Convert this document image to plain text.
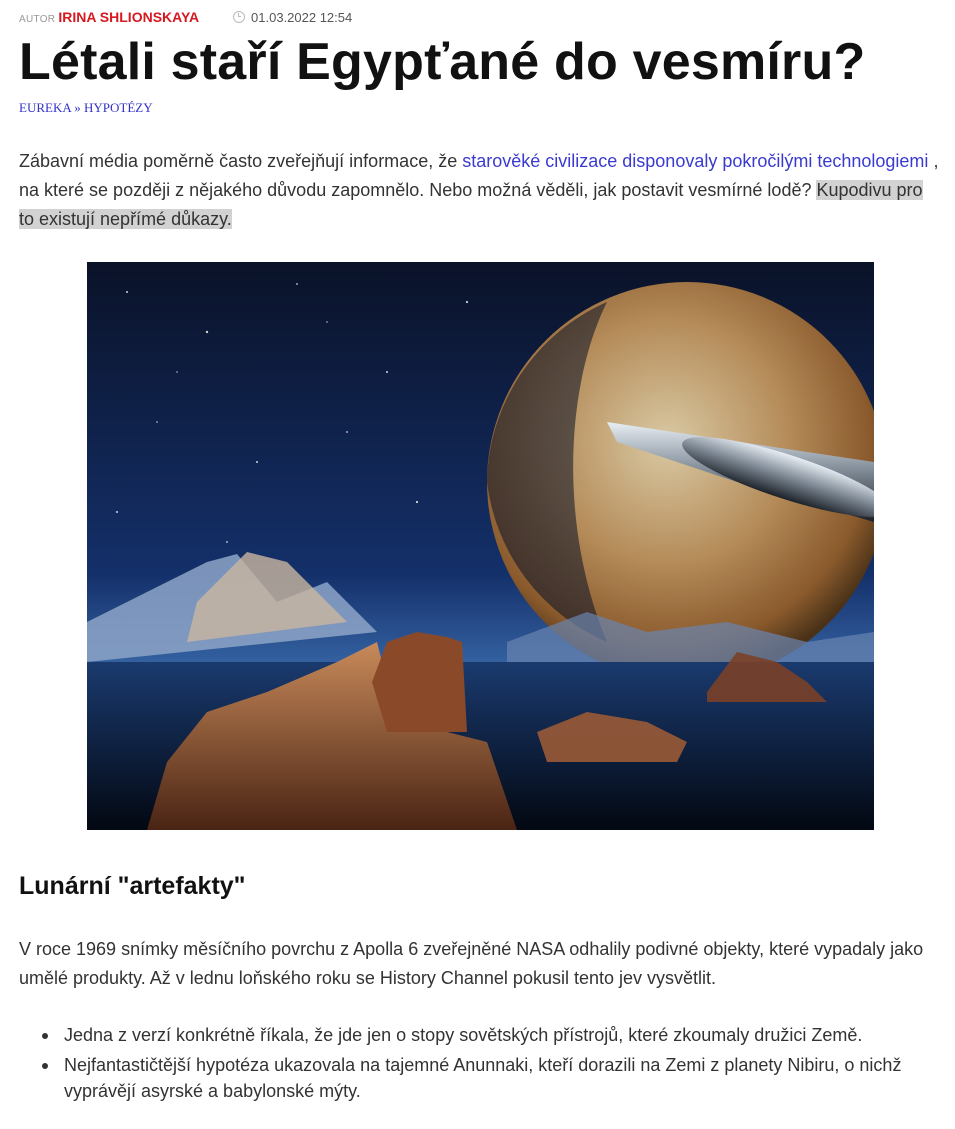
AUTOR IRINA SHLIONSKAYA	01.03.2022 12:54
Létali staří Egypťané do vesmíru?
EUREKA » HYPOTÉZY

Zábavní média poměrně často zveřejňují informace, že starověké civilizace disponovaly pokročilými technologiemi , na které se později z nějakého důvodu zapomnělo. Nebo možná věděli, jak postavit vesmírné lodě? Kupodivu pro to existují nepřímé důkazy.

Lunární "artefakty"

V roce 1969 snímky měsíčního povrchu z Apolla 6 zveřejněné NASA odhalily podivné objekty, které vypadaly jako umělé produkty. Až v lednu loňského roku se History Channel pokusil tento jev vysvětlit.

Jedna z verzí konkrétně říkala, že jde jen o stopy sovětských přístrojů, které zkoumaly družici Země.
Nejfantastičtější hypotéza ukazovala na tajemné Anunnaki, kteří dorazili na Zemi z planety Nibiru, o nichž vyprávějí asyrské a babylonské mýty.
